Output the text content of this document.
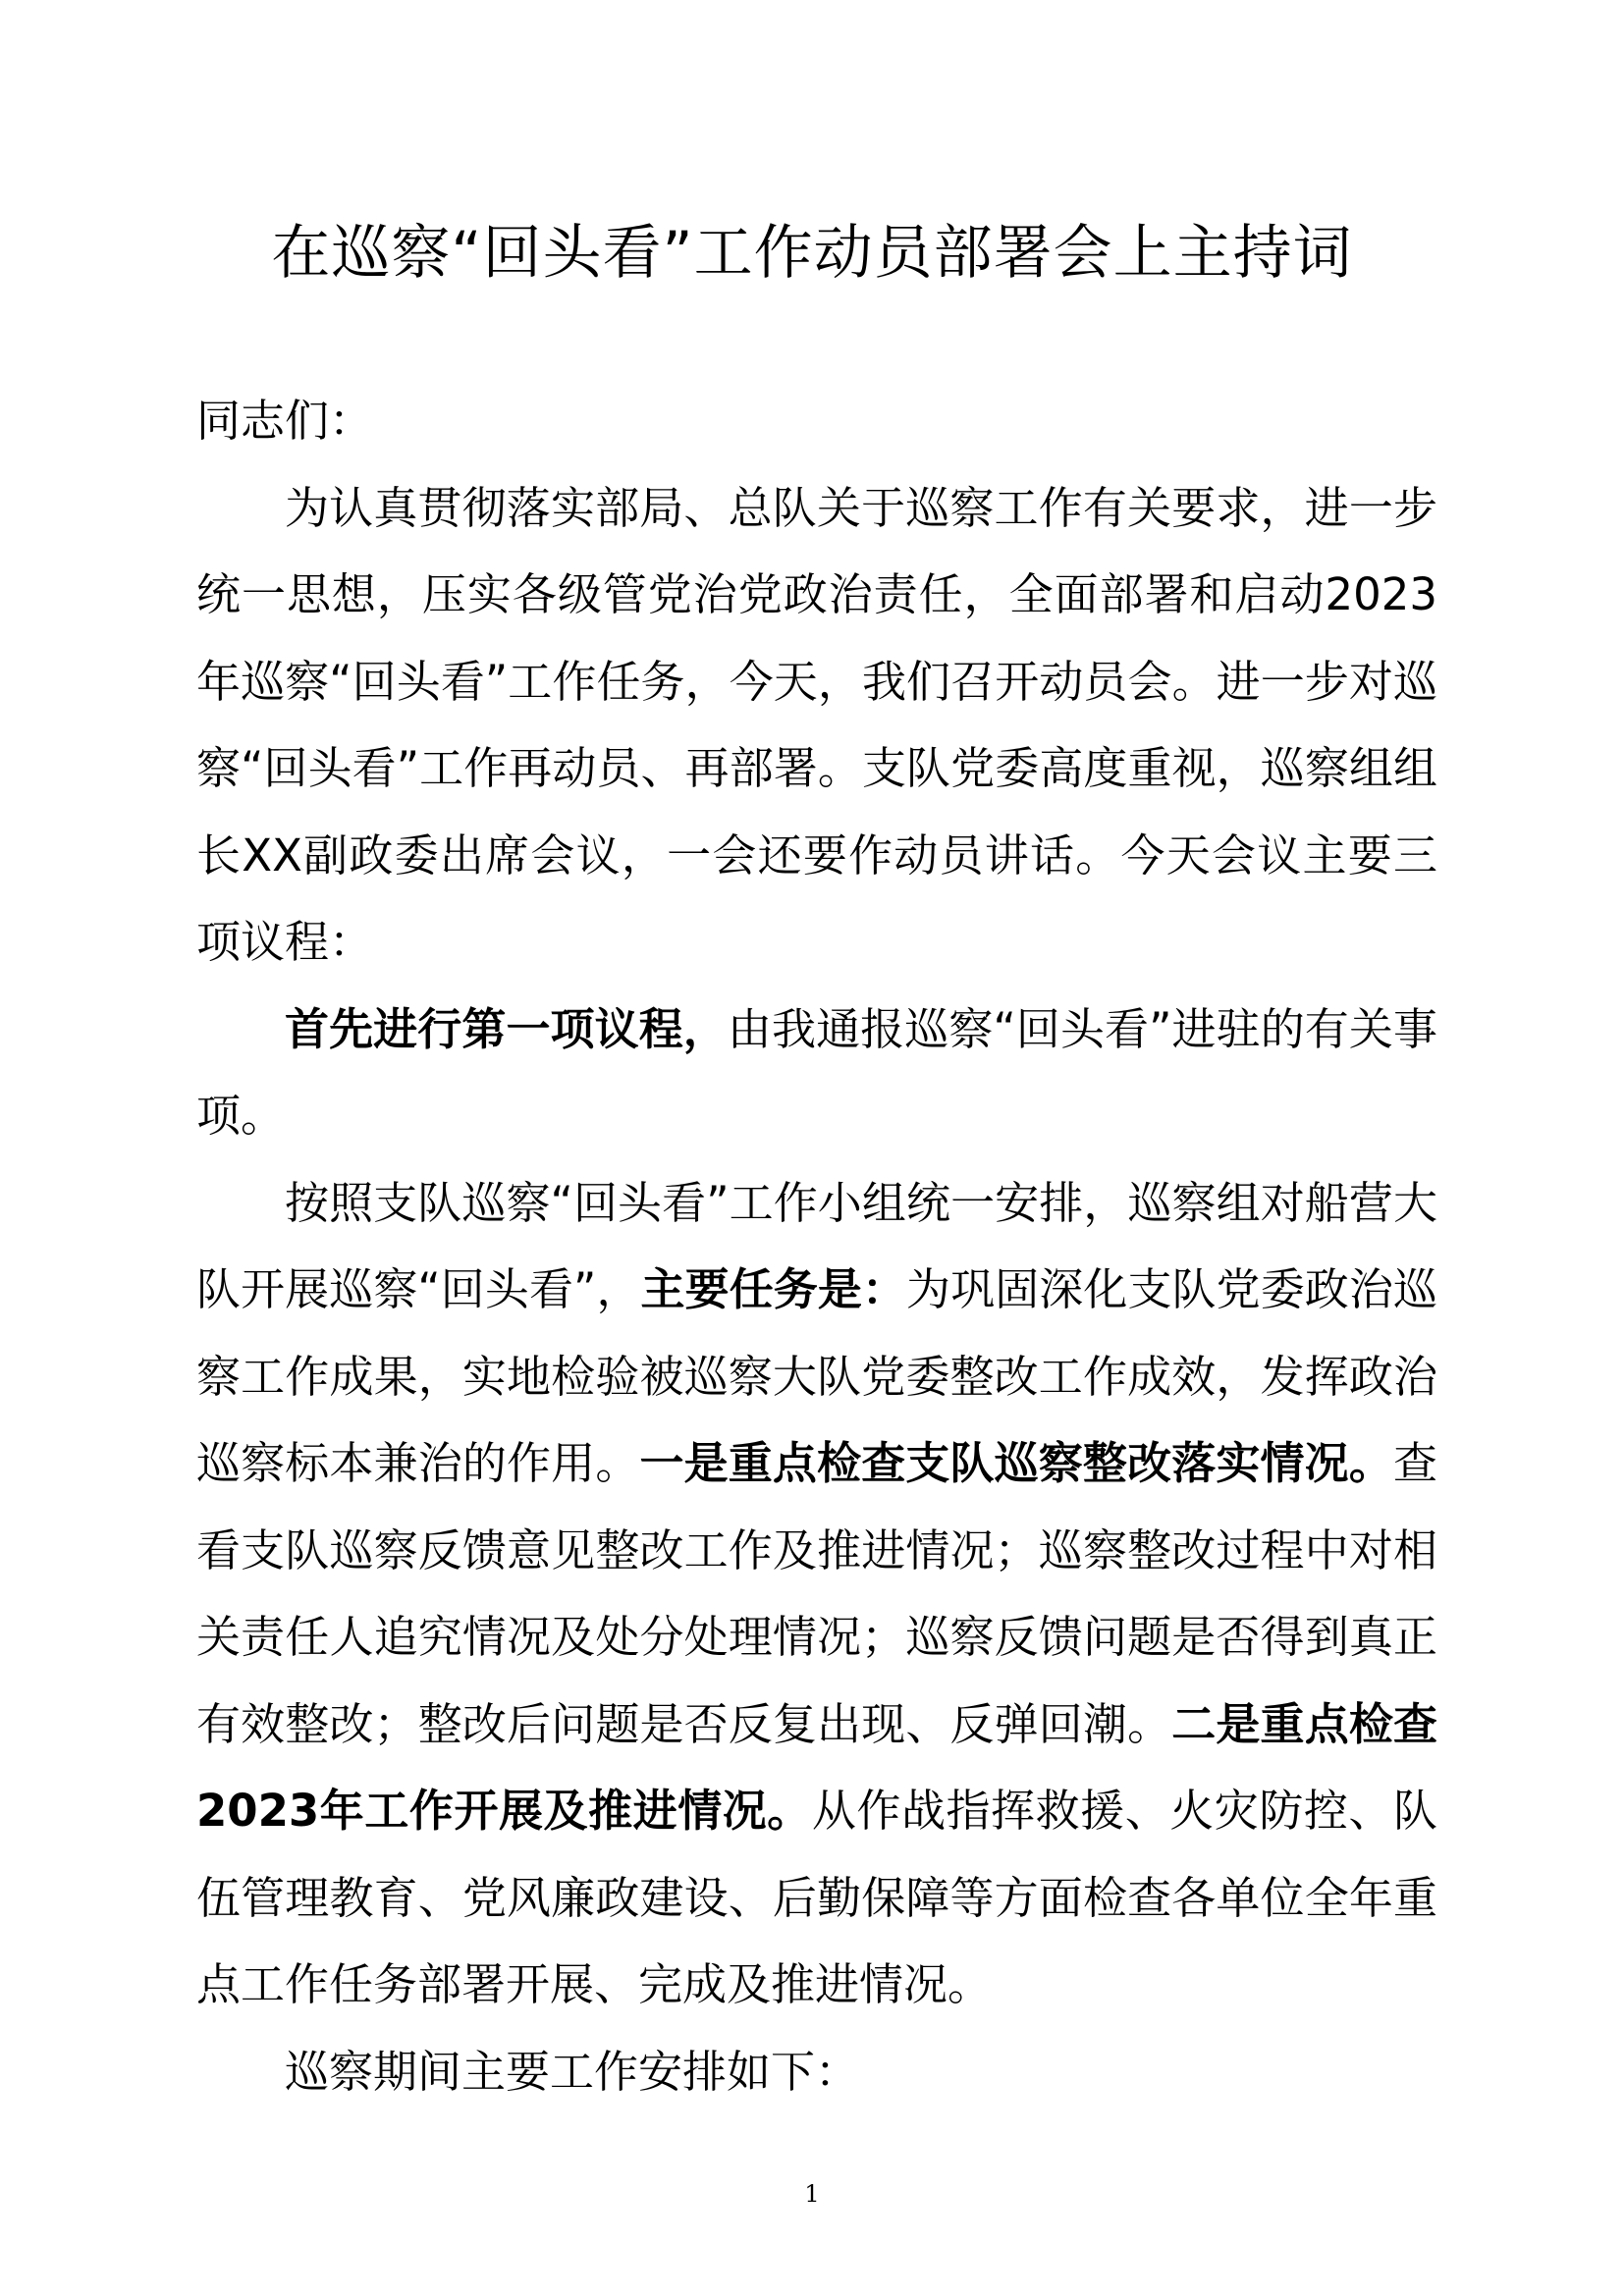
在巡察“回头看”工作动员部署会上主持词

同志们：

为认真贯彻落实部局、总队关于巡察工作有关要求，进一步统一思想，压实各级管党治党政治责任，全面部署和启动2023年巡察“回头看”工作任务，今天，我们召开动员会。进一步对巡察“回头看”工作再动员、再部署。支队党委高度重视，巡察组组长XX副政委出席会议，一会还要作动员讲话。今天会议主要三项议程：

首先进行第一项议程，由我通报巡察“回头看”进驻的有关事项。

按照支队巡察“回头看”工作小组统一安排，巡察组对船营大队开展巡察“回头看”，主要任务是：为巩固深化支队党委政治巡察工作成果，实地检验被巡察大队党委整改工作成效，发挥政治巡察标本兼治的作用。一是重点检查支队巡察整改落实情况。查看支队巡察反馈意见整改工作及推进情况；巡察整改过程中对相关责任人追究情况及处分处理情况；巡察反馈问题是否得到真正有效整改；整改后问题是否反复出现、反弹回潮。二是重点检查2023年工作开展及推进情况。从作战指挥救援、火灾防控、队伍管理教育、党风廉政建设、后勤保障等方面检查各单位全年重点工作任务部署开展、完成及推进情况。

巡察期间主要工作安排如下：

1
